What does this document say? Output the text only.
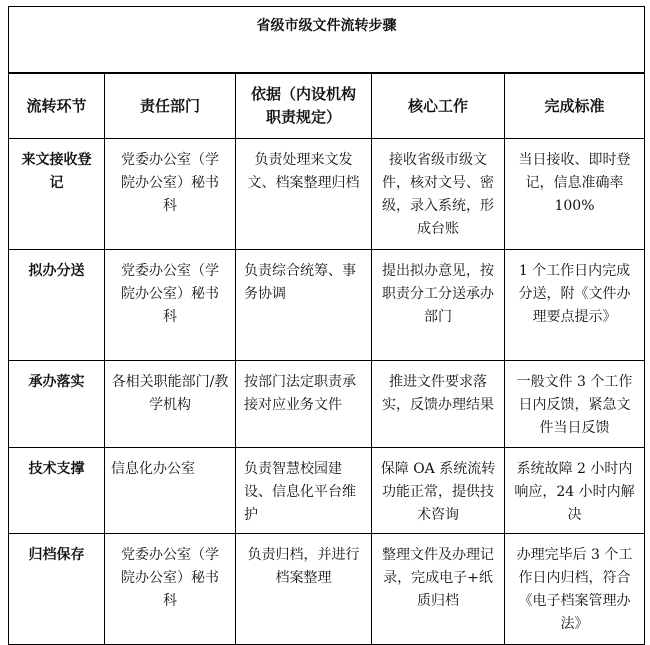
省级市级文件流转步骤				
流转环节	责任部门	依据（内设机构职责规定）	核心工作	完成标准
来文接收登记	党委办公室（学院办公室）秘书科	负责处理来文发文、档案整理归档	接收省级市级文件，核对文号、密级，录入系统，形成台账	当日接收、即时登记，信息准确率 100%
拟办分送	党委办公室（学院办公室）秘书科	负责综合统筹、事务协调	提出拟办意见，按职责分工分送承办部门	1 个工作日内完成分送，附《文件办理要点提示》
承办落实	各相关职能部门/教学机构	按部门法定职责承接对应业务文件	推进文件要求落实，反馈办理结果	一般文件 3 个工作日内反馈，紧急文件当日反馈
技术支撑	信息化办公室	负责智慧校园建设、信息化平台维护	保障 OA 系统流转功能正常，提供技术咨询	系统故障 2 小时内响应，24 小时内解决
归档保存	党委办公室（学院办公室）秘书科	负责归档，并进行档案整理	整理文件及办理记录，完成电子+纸质归档	办理完毕后 3 个工作日内归档，符合《电子档案管理办法》
